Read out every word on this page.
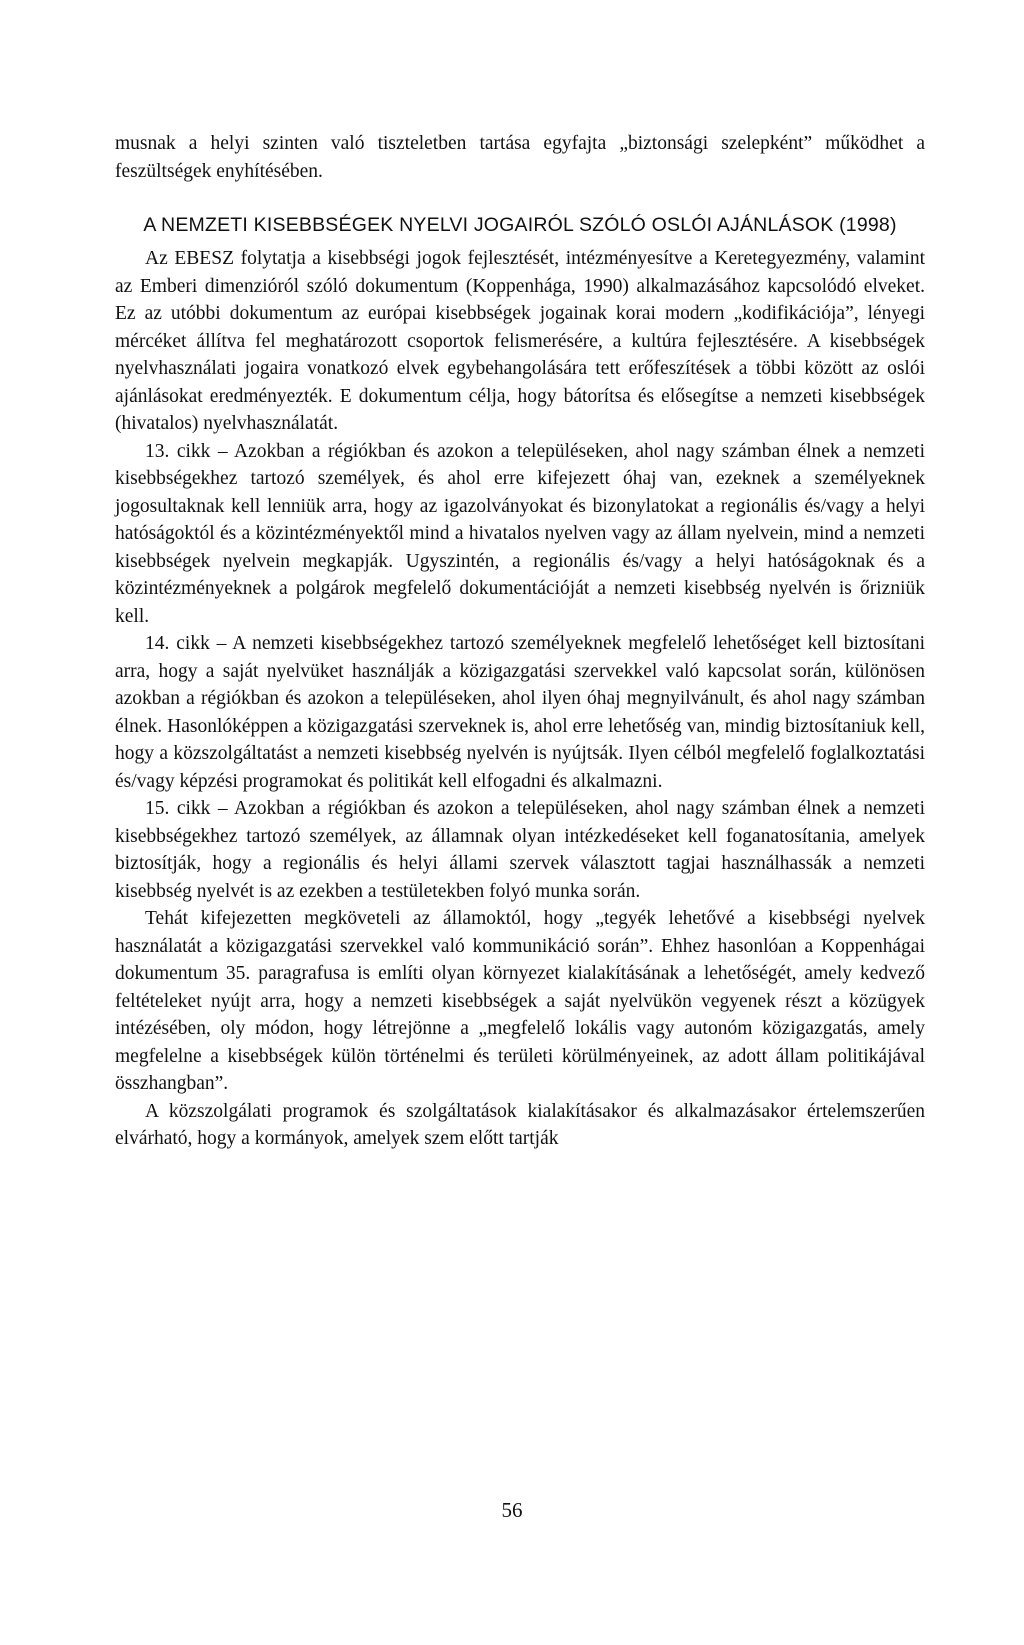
musnak a helyi szinten való tiszteletben tartása egyfajta „biztonsági szelepként” működhet a feszültségek enyhítésében.

A NEMZETI KISEBBSÉGEK NYELVI JOGAIRÓL SZÓLÓ OSLÓI AJÁNLÁSOK (1998)

Az EBESZ folytatja a kisebbségi jogok fejlesztését, intézményesítve a Keretegyezmény, valamint az Emberi dimenzióról szóló dokumentum (Koppenhága, 1990) alkalmazásához kapcsolódó elveket. Ez az utóbbi dokumentum az európai kisebbségek jogainak korai modern „kodifikációja”, lényegi mércéket állítva fel meghatározott csoportok felismerésére, a kultúra fejlesztésére. A kisebbségek nyelvhasználati jogaira vonatkozó elvek egybehangolására tett erőfeszítések a többi között az oslói ajánlásokat eredményezték. E dokumentum célja, hogy bátorítsa és elősegítse a nemzeti kisebbségek (hivatalos) nyelvhasználatát.

13. cikk – Azokban a régiókban és azokon a településeken, ahol nagy számban élnek a nemzeti kisebbségekhez tartozó személyek, és ahol erre kifejezett óhaj van, ezeknek a személyeknek jogosultaknak kell lenniük arra, hogy az igazolványokat és bizonylatokat a regionális és/vagy a helyi hatóságoktól és a közintézményektől mind a hivatalos nyelven vagy az állam nyelvein, mind a nemzeti kisebbségek nyelvein megkapják. Ugyszintén, a regionális és/vagy a helyi hatóságoknak és a közintézményeknek a polgárok megfelelő dokumentációját a nemzeti kisebbség nyelvén is őrizniük kell.

14. cikk – A nemzeti kisebbségekhez tartozó személyeknek megfelelő lehetőséget kell biztosítani arra, hogy a saját nyelvüket használják a közigazgatási szervekkel való kapcsolat során, különösen azokban a régiókban és azokon a településeken, ahol ilyen óhaj megnyilvánult, és ahol nagy számban élnek. Hasonlóképpen a közigazgatási szerveknek is, ahol erre lehetőség van, mindig biztosítaniuk kell, hogy a közszolgáltatást a nemzeti kisebbség nyelvén is nyújtsák. Ilyen célból megfelelő foglalkoztatási és/vagy képzési programokat és politikát kell elfogadni és alkalmazni.

15. cikk – Azokban a régiókban és azokon a településeken, ahol nagy számban élnek a nemzeti kisebbségekhez tartozó személyek, az államnak olyan intézkedéseket kell foganatosítania, amelyek biztosítják, hogy a regionális és helyi állami szervek választott tagjai használhassák a nemzeti kisebbség nyelvét is az ezekben a testületekben folyó munka során.

Tehát kifejezetten megköveteli az államoktól, hogy „tegyék lehetővé a kisebbségi nyelvek használatát a közigazgatási szervekkel való kommunikáció során”. Ehhez hasonlóan a Koppenhágai dokumentum 35. paragrafusa is említi olyan környezet kialakításának a lehetőségét, amely kedvező feltételeket nyújt arra, hogy a nemzeti kisebbségek a saját nyelvükön vegyenek részt a közügyek intézésében, oly módon, hogy létrejönne a „megfelelő lokális vagy autonóm közigazgatás, amely megfelelne a kisebbségek külön történelmi és területi körülményeinek, az adott állam politikájával összhangban”.

A közszolgálati programok és szolgáltatások kialakításakor és alkalmazásakor értelemszerűen elvárható, hogy a kormányok, amelyek szem előtt tartják

56
